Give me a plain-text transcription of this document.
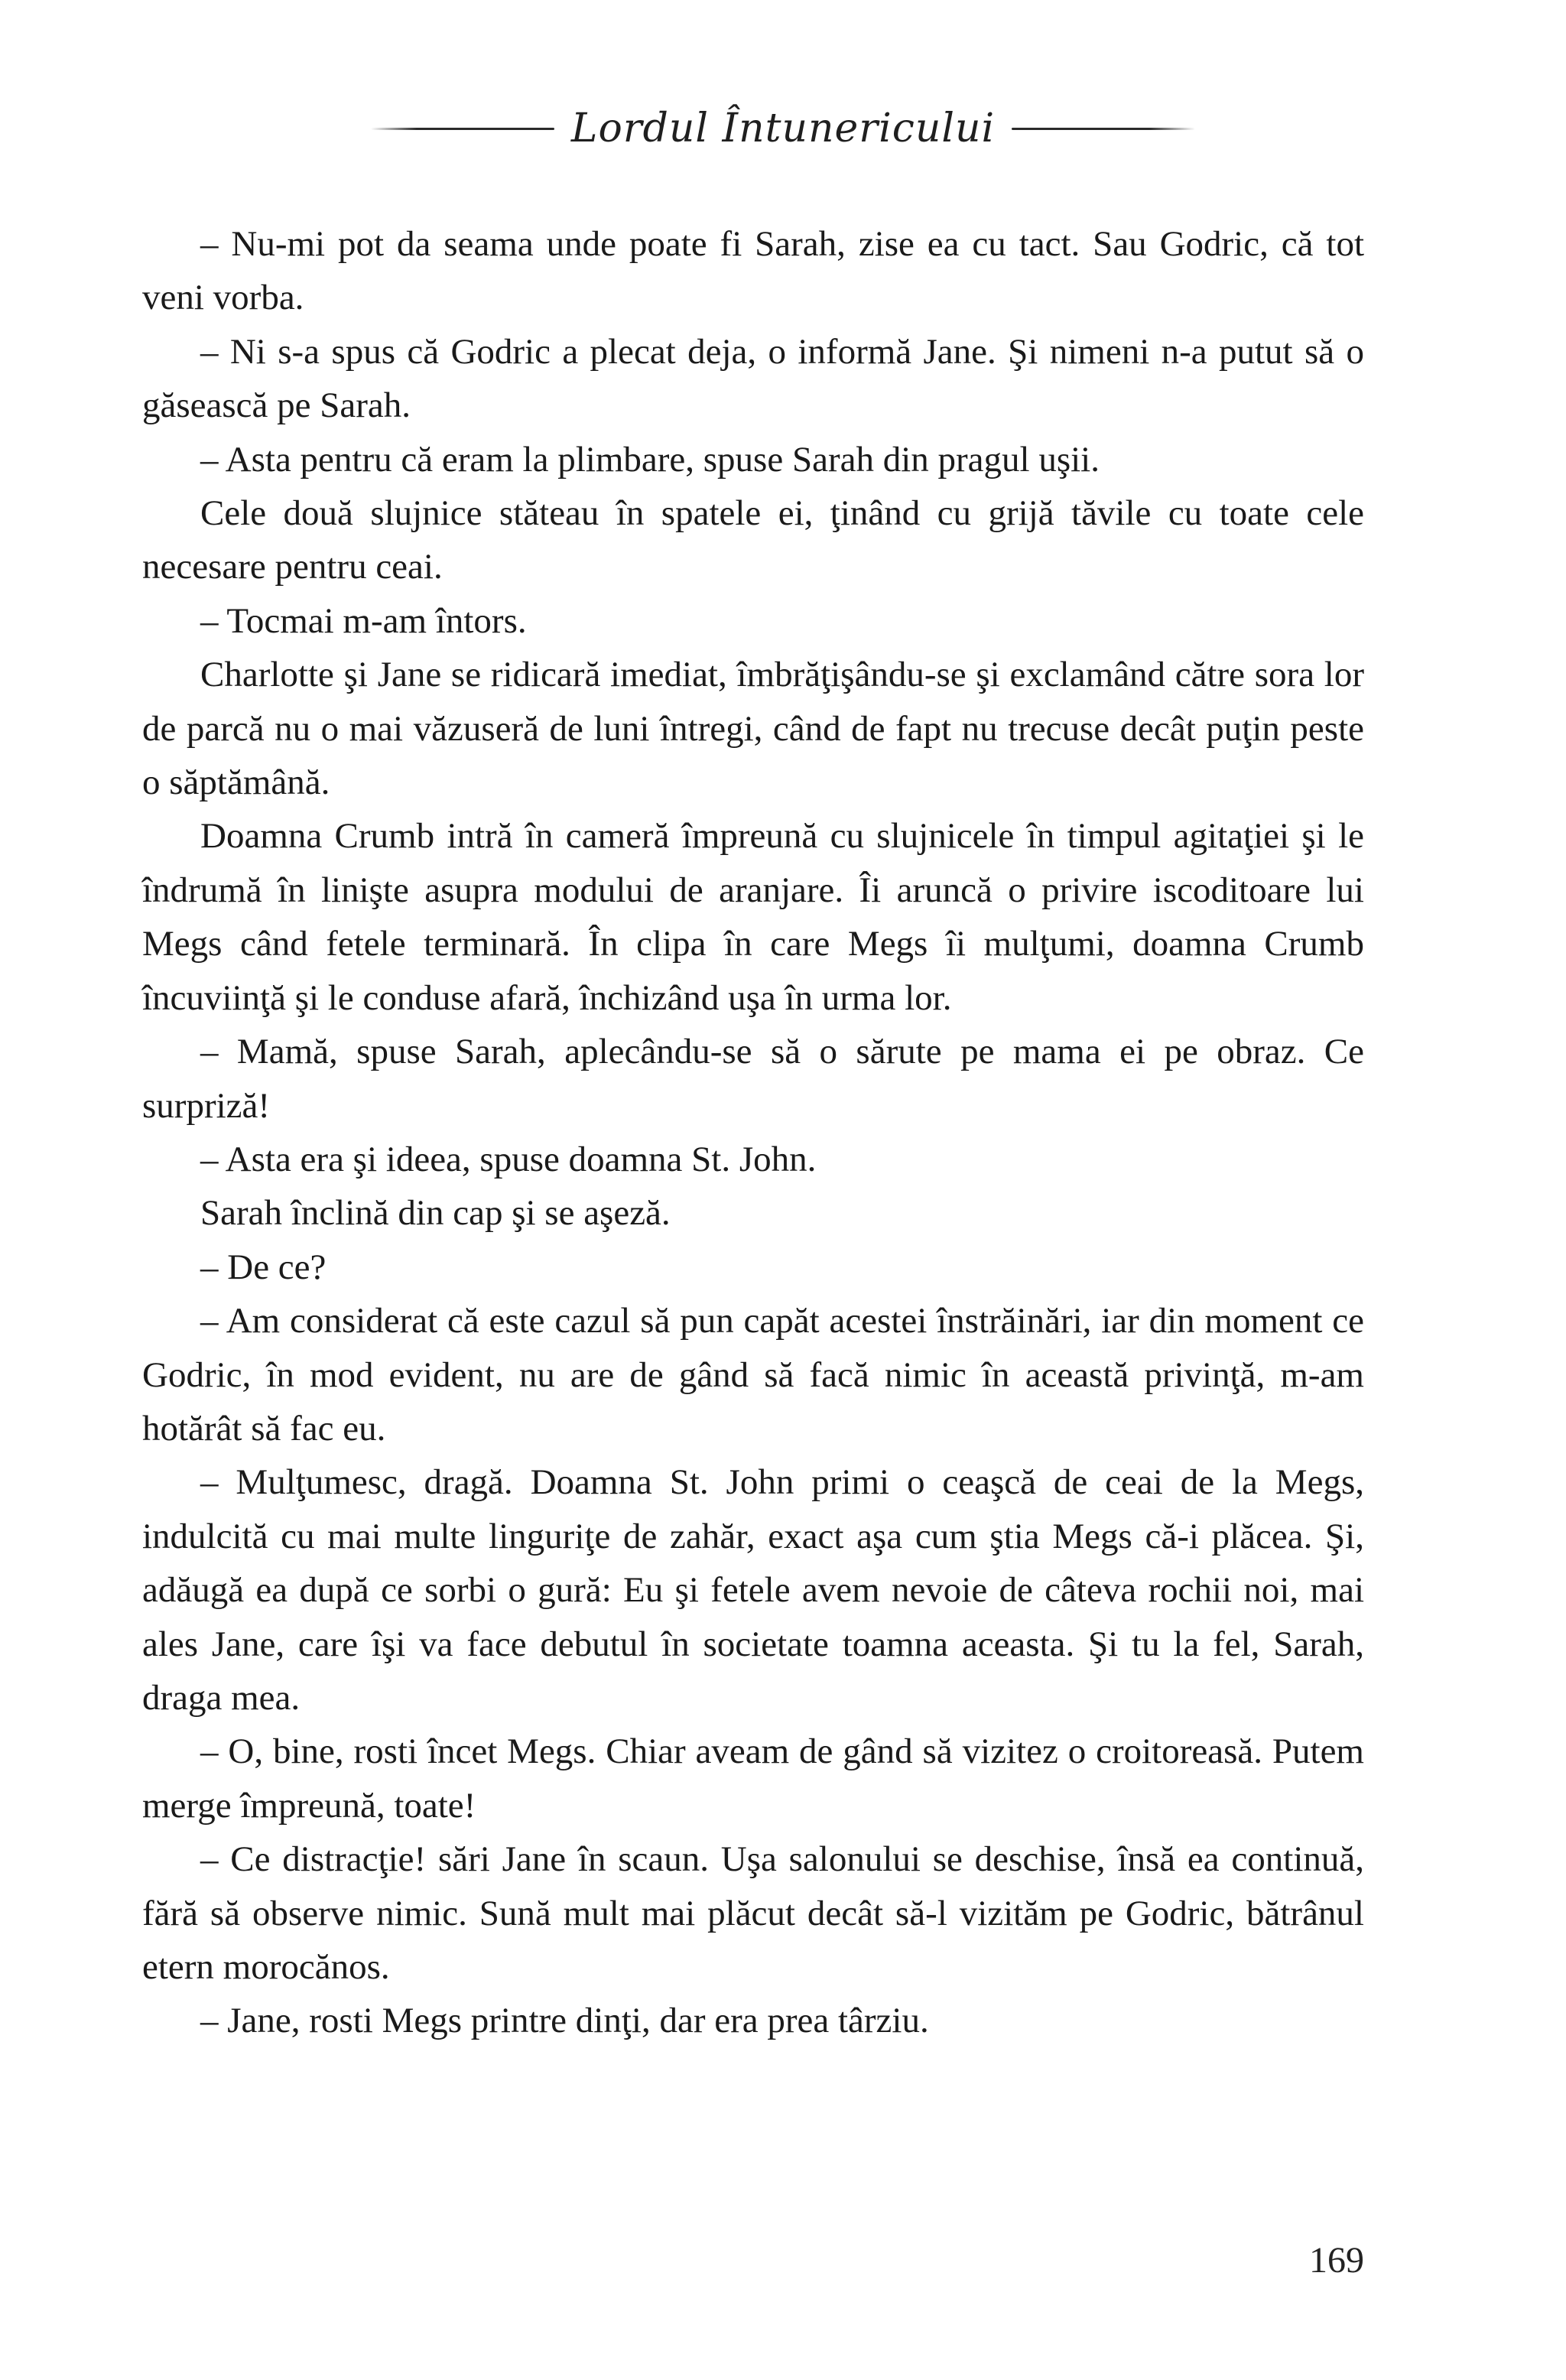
Lordul Întunericului

– Nu-mi pot da seama unde poate fi Sarah, zise ea cu tact. Sau Godric, că tot veni vorba.

– Ni s-a spus că Godric a plecat deja, o informă Jane. Şi nimeni n-a putut să o găsească pe Sarah.

– Asta pentru că eram la plimbare, spuse Sarah din pragul uşii.

Cele două slujnice stăteau în spatele ei, ţinând cu grijă tăvile cu toate cele necesare pentru ceai.

– Tocmai m-am întors.

Charlotte şi Jane se ridicară imediat, îmbrăţişându-se şi exclamând către sora lor de parcă nu o mai văzuseră de luni întregi, când de fapt nu trecuse decât puţin peste o săptămână.

Doamna Crumb intră în cameră împreună cu slujnicele în timpul agitaţiei şi le îndrumă în linişte asupra modului de aranjare. Îi aruncă o privire iscoditoare lui Megs când fetele terminară. În clipa în care Megs îi mulţumi, doamna Crumb încuviinţă şi le conduse afară, închizând uşa în urma lor.

– Mamă, spuse Sarah, aplecându-se să o sărute pe mama ei pe obraz. Ce surpriză!

– Asta era şi ideea, spuse doamna St. John.

Sarah înclină din cap şi se aşeză.

– De ce?

– Am considerat că este cazul să pun capăt acestei înstrăinări, iar din moment ce Godric, în mod evident, nu are de gând să facă nimic în această privinţă, m-am hotărât să fac eu.

– Mulţumesc, dragă. Doamna St. John primi o ceaşcă de ceai de la Megs, indulcită cu mai multe linguriţe de zahăr, exact aşa cum ştia Megs că-i plăcea. Şi, adăugă ea după ce sorbi o gură: Eu şi fetele avem nevoie de câteva rochii noi, mai ales Jane, care îşi va face debutul în societate toamna aceasta. Şi tu la fel, Sarah, draga mea.

– O, bine, rosti încet Megs. Chiar aveam de gând să vizitez o croitoreasă. Putem merge împreună, toate!

– Ce distracţie! sări Jane în scaun. Uşa salonului se deschise, însă ea continuă, fără să observe nimic. Sună mult mai plăcut decât să-l vizităm pe Godric, bătrânul etern morocănos.

– Jane, rosti Megs printre dinţi, dar era prea târziu.

169
